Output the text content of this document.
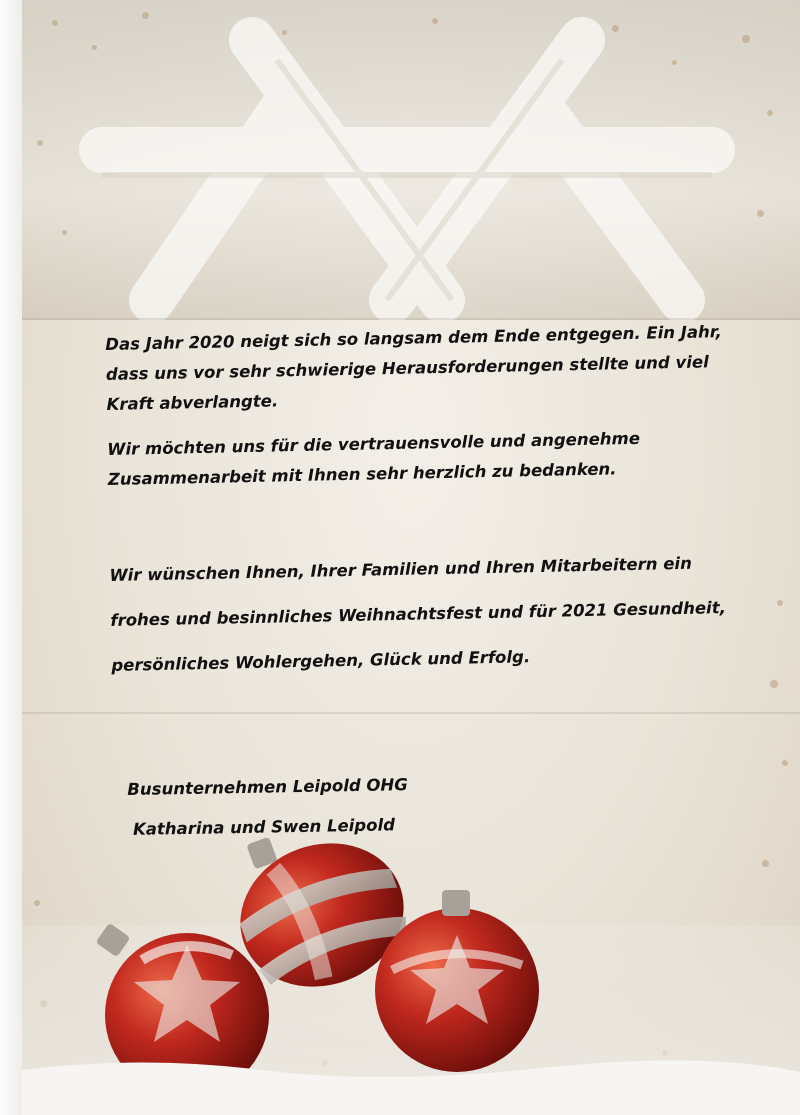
Das Jahr 2020 neigt sich so langsam dem Ende entgegen. Ein Jahr,
dass uns vor sehr schwierige Herausforderungen stellte und viel
Kraft abverlangte.
Wir möchten uns für die vertrauensvolle und angenehme
Zusammenarbeit mit Ihnen sehr herzlich zu bedanken.
Wir wünschen Ihnen, Ihrer Familien und Ihren Mitarbeitern ein
frohes und besinnliches Weihnachtsfest und für 2021 Gesundheit,
persönliches Wohlergehen, Glück und Erfolg.
Busunternehmen Leipold OHG
Katharina und Swen Leipold
